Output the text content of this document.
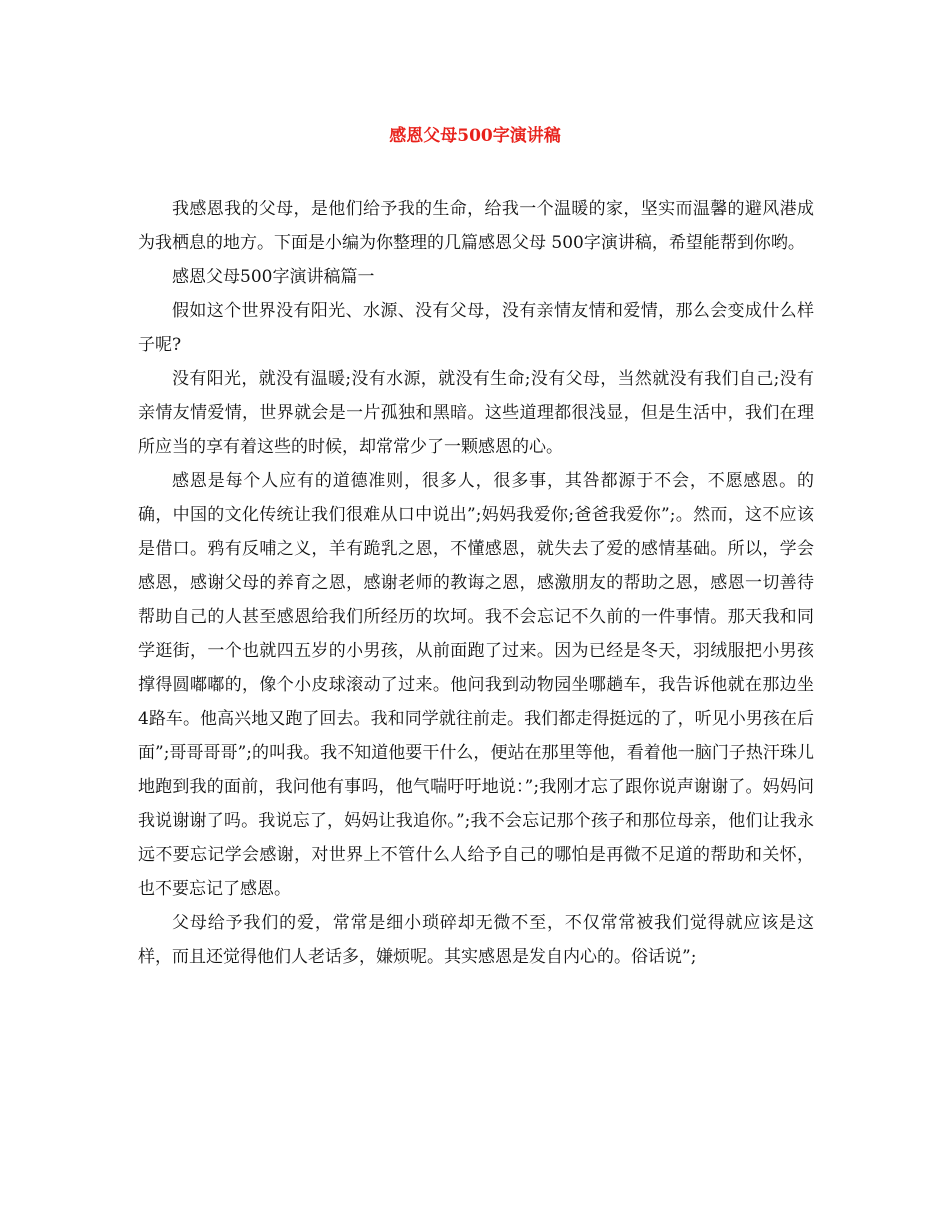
感恩父母500字演讲稿

我感恩我的父母，是他们给予我的生命，给我一个温暖的家，坚实而温馨的避风港成为我栖息的地方。下面是小编为你整理的几篇感恩父母 500字演讲稿，希望能帮到你哟。

感恩父母500字演讲稿篇一

假如这个世界没有阳光、水源、没有父母，没有亲情友情和爱情，那么会变成什么样子呢?

没有阳光，就没有温暖;没有水源，就没有生命;没有父母，当然就没有我们自己;没有亲情友情爱情，世界就会是一片孤独和黑暗。这些道理都很浅显，但是生活中，我们在理所应当的享有着这些的时候，却常常少了一颗感恩的心。

感恩是每个人应有的道德准则，很多人，很多事，其咎都源于不会，不愿感恩。的确，中国的文化传统让我们很难从口中说出”;妈妈我爱你;爸爸我爱你”;。然而，这不应该是借口。鸦有反哺之义，羊有跪乳之恩，不懂感恩，就失去了爱的感情基础。所以，学会感恩，感谢父母的养育之恩，感谢老师的教诲之恩，感激朋友的帮助之恩，感恩一切善待帮助自己的人甚至感恩给我们所经历的坎坷。我不会忘记不久前的一件事情。那天我和同学逛街，一个也就四五岁的小男孩，从前面跑了过来。因为已经是冬天，羽绒服把小男孩撑得圆嘟嘟的，像个小皮球滚动了过来。他问我到动物园坐哪趟车，我告诉他就在那边坐 4路车。他高兴地又跑了回去。我和同学就往前走。我们都走得挺远的了，听见小男孩在后面”;哥哥哥哥”;的叫我。我不知道他要干什么，便站在那里等他，看着他一脑门子热汗珠儿地跑到我的面前，我问他有事吗，他气喘吁吁地说：”;我刚才忘了跟你说声谢谢了。妈妈问我说谢谢了吗。我说忘了，妈妈让我追你。”;我不会忘记那个孩子和那位母亲，他们让我永远不要忘记学会感谢，对世界上不管什么人给予自己的哪怕是再微不足道的帮助和关怀，也不要忘记了感恩。

父母给予我们的爱，常常是细小琐碎却无微不至，不仅常常被我们觉得就应该是这样，而且还觉得他们人老话多，嫌烦呢。其实感恩是发自内心的。俗话说”;
